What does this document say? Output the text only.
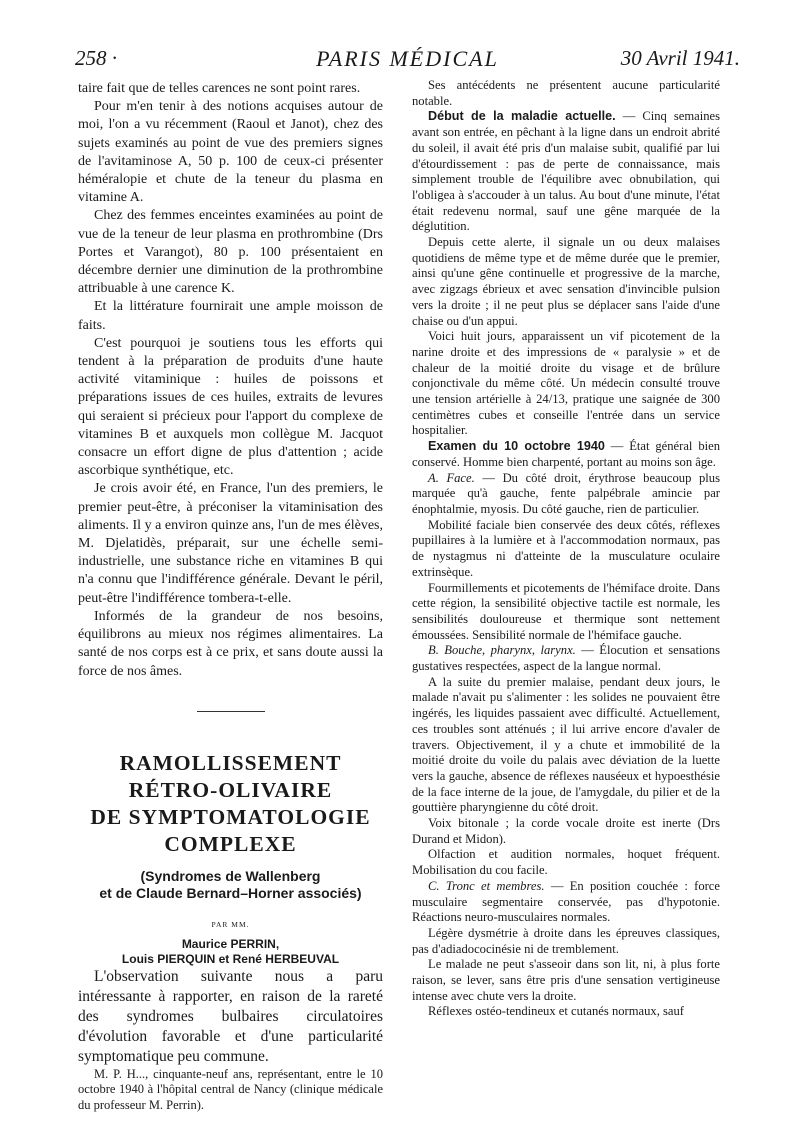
258 ·	PARIS MÉDICAL	30 Avril 1941.

taire fait que de telles carences ne sont point rares.

Pour m'en tenir à des notions acquises autour de moi, l'on a vu récemment (Raoul et Janot), chez des sujets examinés au point de vue des premiers signes de l'avitaminose A, 50 p. 100 de ceux-ci présenter héméralopie et chute de la teneur du plasma en vitamine A.

Chez des femmes enceintes examinées au point de vue de la teneur de leur plasma en prothrombine (Drs Portes et Varangot), 80 p. 100 présentaient en décembre dernier une diminution de la prothrombine attribuable à une carence K.

Et la littérature fournirait une ample moisson de faits.

C'est pourquoi je soutiens tous les efforts qui tendent à la préparation de produits d'une haute activité vitaminique : huiles de poissons et préparations issues de ces huiles, extraits de levures qui seraient si précieux pour l'apport du complexe de vitamines B et auxquels mon collègue M. Jacquot consacre un effort digne de plus d'attention ; acide ascorbique synthétique, etc.

Je crois avoir été, en France, l'un des premiers, le premier peut-être, à préconiser la vitaminisation des aliments. Il y a environ quinze ans, l'un de mes élèves, M. Djelatidès, préparait, sur une échelle semi-industrielle, une substance riche en vitamines B qui n'a connu que l'indifférence générale. Devant le péril, peut-être l'indifférence tombera-t-elle.

Informés de la grandeur de nos besoins, équilibrons au mieux nos régimes alimentaires. La santé de nos corps est à ce prix, et sans doute aussi la force de nos âmes.

RAMOLLISSEMENT
RÉTRO-OLIVAIRE
DE SYMPTOMATOLOGIE
COMPLEXE
(Syndromes de Wallenberg
et de Claude Bernard–Horner associés)
PAR MM.
Maurice PERRIN,
Louis PIERQUIN et René HERBEUVAL

L'observation suivante nous a paru intéressante à rapporter, en raison de la rareté des syndromes bulbaires circulatoires d'évolution favorable et d'une particularité symptomatique peu commune.

M. P. H..., cinquante-neuf ans, représentant, entre le 10 octobre 1940 à l'hôpital central de Nancy (clinique médicale du professeur M. Perrin).

Ses antécédents ne présentent aucune particularité notable.

Début de la maladie actuelle. — Cinq semaines avant son entrée, en pêchant à la ligne dans un endroit abrité du soleil, il avait été pris d'un malaise subit, qualifié par lui d'étourdissement : pas de perte de connaissance, mais simplement trouble de l'équilibre avec obnubilation, qui l'obligea à s'accouder à un talus. Au bout d'une minute, l'état était redevenu normal, sauf une gêne marquée de la déglutition.

Depuis cette alerte, il signale un ou deux malaises quotidiens de même type et de même durée que le premier, ainsi qu'une gêne continuelle et progressive de la marche, avec zigzags ébrieux et avec sensation d'invincible pulsion vers la droite ; il ne peut plus se déplacer sans l'aide d'une chaise ou d'un appui.

Voici huit jours, apparaissent un vif picotement de la narine droite et des impressions de « paralysie » et de chaleur de la moitié droite du visage et de brûlure conjonctivale du même côté. Un médecin consulté trouve une tension artérielle à 24/13, pratique une saignée de 300 centimètres cubes et conseille l'entrée dans un service hospitalier.

Examen du 10 octobre 1940 — État général bien conservé. Homme bien charpenté, portant au moins son âge.

A. Face. — Du côté droit, érythrose beaucoup plus marquée qu'à gauche, fente palpébrale amincie par énophtalmie, myosis. Du côté gauche, rien de particulier.

Mobilité faciale bien conservée des deux côtés, réflexes pupillaires à la lumière et à l'accommodation normaux, pas de nystagmus ni d'atteinte de la musculature oculaire extrinsèque.

Fourmillements et picotements de l'hémiface droite. Dans cette région, la sensibilité objective tactile est normale, les sensibilités douloureuse et thermique sont nettement émoussées. Sensibilité normale de l'hémiface gauche.

B. Bouche, pharynx, larynx. — Élocution et sensations gustatives respectées, aspect de la langue normal.

A la suite du premier malaise, pendant deux jours, le malade n'avait pu s'alimenter : les solides ne pouvaient être ingérés, les liquides passaient avec difficulté. Actuellement, ces troubles sont atténués ; il lui arrive encore d'avaler de travers. Objectivement, il y a chute et immobilité de la moitié droite du voile du palais avec déviation de la luette vers la gauche, absence de réflexes nauséeux et hypoesthésie de la face interne de la joue, de l'amygdale, du pilier et de la gouttière pharyngienne du côté droit.

Voix bitonale ; la corde vocale droite est inerte (Drs Durand et Midon).

Olfaction et audition normales, hoquet fréquent. Mobilisation du cou facile.

C. Tronc et membres. — En position couchée : force musculaire segmentaire conservée, pas d'hypotonie. Réactions neuro-musculaires normales.

Légère dysmétrie à droite dans les épreuves classiques, pas d'adiadococinésie ni de tremblement.

Le malade ne peut s'asseoir dans son lit, ni, à plus forte raison, se lever, sans être pris d'une sensation vertigineuse intense avec chute vers la droite.

Réflexes ostéo-tendineux et cutanés normaux, sauf
